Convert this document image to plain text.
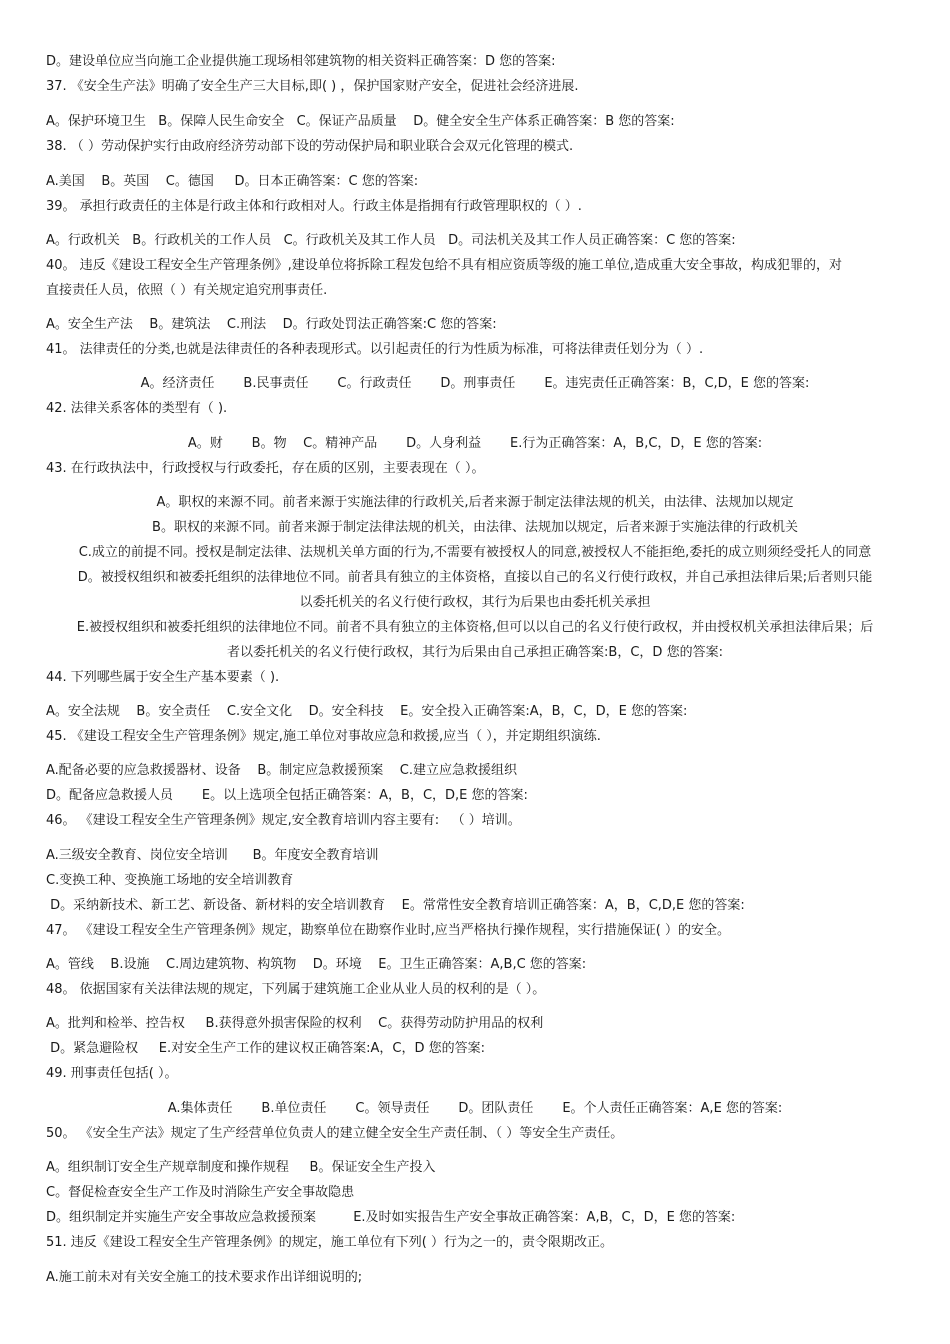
D。建设单位应当向施工企业提供施工现场相邻建筑物的相关资料正确答案：D 您的答案:
37. 《安全生产法》明确了安全生产三大目标,即( ) ，保护国家财产安全，促进社会经济进展.
A。保护环境卫生   B。保障人民生命安全   C。保证产品质量    D。健全安全生产体系正确答案：B 您的答案:
38. （ ）劳动保护实行由政府经济劳动部下设的劳动保护局和职业联合会双元化管理的模式.
A.美国    B。英国    C。德国     D。日本正确答案：C 您的答案:
39。 承担行政责任的主体是行政主体和行政相对人。行政主体是指拥有行政管理职权的（ ）.
A。行政机关   B。行政机关的工作人员   C。行政机关及其工作人员   D。司法机关及其工作人员正确答案：C 您的答案:
40。 违反《建设工程安全生产管理条例》,建设单位将拆除工程发包给不具有相应资质等级的施工单位,造成重大安全事故，构成犯罪的，对
直接责任人员，依照（ ）有关规定追究刑事责任.
A。安全生产法    B。建筑法    C.刑法    D。行政处罚法正确答案:C 您的答案:
41。 法律责任的分类,也就是法律责任的各种表现形式。以引起责任的行为性质为标准，可将法律责任划分为（ ）.
A。经济责任       B.民事责任       C。行政责任       D。刑事责任       E。违宪责任正确答案：B，C,D，E 您的答案:
42. 法律关系客体的类型有（ ).
A。财       B。物    C。精神产品       D。人身利益       E.行为正确答案：A，B,C，D，E 您的答案:
43. 在行政执法中，行政授权与行政委托，存在质的区别，主要表现在（ ）。
A。职权的来源不同。前者来源于实施法律的行政机关,后者来源于制定法律法规的机关，由法律、法规加以规定
B。职权的来源不同。前者来源于制定法律法规的机关，由法律、法规加以规定，后者来源于实施法律的行政机关
C.成立的前提不同。授权是制定法律、法规机关单方面的行为,不需要有被授权人的同意,被授权人不能拒绝,委托的成立则须经受托人的同意
D。被授权组织和被委托组织的法律地位不同。前者具有独立的主体资格，直接以自己的名义行使行政权，并自己承担法律后果;后者则只能
以委托机关的名义行使行政权，其行为后果也由委托机关承担
E.被授权组织和被委托组织的法律地位不同。前者不具有独立的主体资格,但可以以自己的名义行使行政权，并由授权机关承担法律后果；后
者以委托机关的名义行使行政权，其行为后果由自己承担正确答案:B，C，D 您的答案:
44. 下列哪些属于安全生产基本要素（ ).
A。安全法规    B。安全责任    C.安全文化    D。安全科技    E。安全投入正确答案:A，B，C，D，E 您的答案:
45. 《建设工程安全生产管理条例》规定,施工单位对事故应急和救援,应当（ ），并定期组织演练.
A.配备必要的应急救援器材、设备    B。制定应急救援预案    C.建立应急救援组织
D。配备应急救援人员       E。以上选项全包括正确答案：A，B，C，D,E 您的答案:
46。 《建设工程安全生产管理条例》规定,安全教育培训内容主要有:   （ ）培训。
A.三级安全教育、岗位安全培训      B。年度安全教育培训
C.变换工种、变换施工场地的安全培训教育
D。采纳新技术、新工艺、新设备、新材料的安全培训教育    E。常常性安全教育培训正确答案：A，B，C,D,E 您的答案:
47。 《建设工程安全生产管理条例》规定，勘察单位在勘察作业时,应当严格执行操作规程，实行措施保证( ）的安全。
A。管线    B.设施    C.周边建筑物、构筑物    D。环境    E。卫生正确答案：A,B,C 您的答案:
48。 依据国家有关法律法规的规定，下列属于建筑施工企业从业人员的权利的是（ ）。
A。批判和检举、控告权     B.获得意外损害保险的权利    C。获得劳动防护用品的权利
D。紧急避险权     E.对安全生产工作的建议权正确答案:A，C，D 您的答案:
49. 刑事责任包括( ）。
A.集体责任       B.单位责任       C。领导责任       D。团队责任       E。个人责任正确答案：A,E 您的答案:
50。 《安全生产法》规定了生产经营单位负责人的建立健全安全生产责任制、（ ）等安全生产责任。
A。组织制订安全生产规章制度和操作规程     B。保证安全生产投入
C。督促检查安全生产工作及时消除生产安全事故隐患
D。组织制定并实施生产安全事故应急救援预案         E.及时如实报告生产安全事故正确答案：A,B，C，D，E 您的答案:
51. 违反《建设工程安全生产管理条例》的规定，施工单位有下列( ）行为之一的，责令限期改正。
A.施工前未对有关安全施工的技术要求作出详细说明的;
